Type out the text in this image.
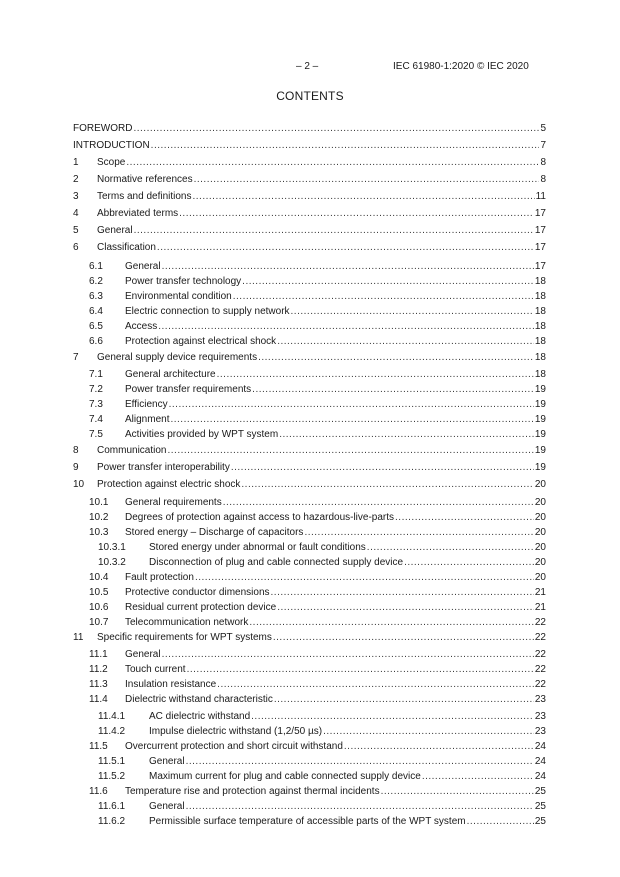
– 2 –	IEC 61980-1:2020 © IEC 2020
CONTENTS
FOREWORD .....	5
INTRODUCTION .....	7
1 Scope .....	8
2 Normative references .....	8
3 Terms and definitions .....	11
4 Abbreviated terms .....	17
5 General .....	17
6 Classification .....	17
6.1 General .....	17
6.2 Power transfer technology .....	18
6.3 Environmental condition .....	18
6.4 Electric connection to supply network .....	18
6.5 Access .....	18
6.6 Protection against electrical shock .....	18
7 General supply device requirements .....	18
7.1 General architecture .....	18
7.2 Power transfer requirements .....	19
7.3 Efficiency .....	19
7.4 Alignment .....	19
7.5 Activities provided by WPT system .....	19
8 Communication .....	19
9 Power transfer interoperability .....	19
10 Protection against electric shock .....	20
10.1 General requirements .....	20
10.2 Degrees of protection against access to hazardous-live-parts .....	20
10.3 Stored energy – Discharge of capacitors .....	20
10.3.1 Stored energy under abnormal or fault conditions .....	20
10.3.2 Disconnection of plug and cable connected supply device .....	20
10.4 Fault protection .....	20
10.5 Protective conductor dimensions .....	21
10.6 Residual current protection device .....	21
10.7 Telecommunication network .....	22
11 Specific requirements for WPT systems .....	22
11.1 General .....	22
11.2 Touch current .....	22
11.3 Insulation resistance .....	22
11.4 Dielectric withstand characteristic .....	23
11.4.1 AC dielectric withstand .....	23
11.4.2 Impulse dielectric withstand (1,2/50 µs) .....	23
11.5 Overcurrent protection and short circuit withstand .....	24
11.5.1 General .....	24
11.5.2 Maximum current for plug and cable connected supply device .....	24
11.6 Temperature rise and protection against thermal incidents .....	25
11.6.1 General .....	25
11.6.2 Permissible surface temperature of accessible parts of the WPT system .....	25
